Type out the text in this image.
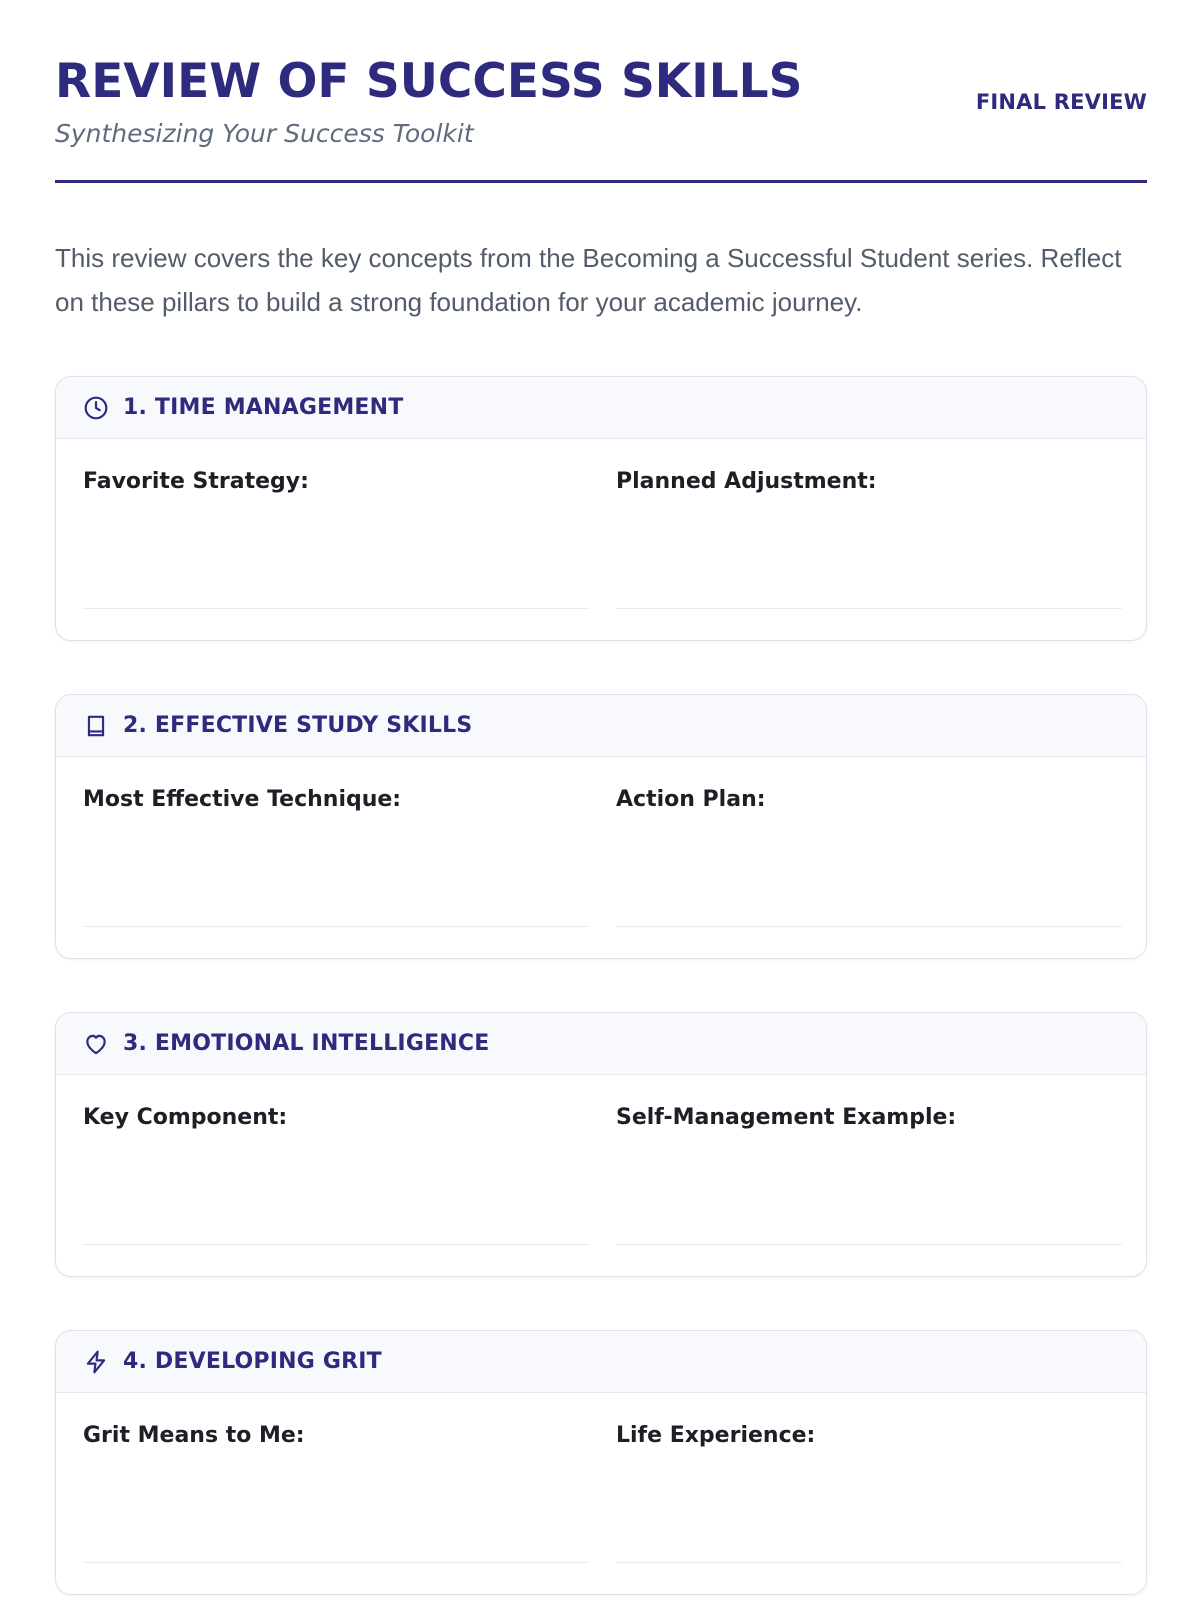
REVIEW OF SUCCESS SKILLS
Synthesizing Your Success Toolkit
FINAL REVIEW

This review covers the key concepts from the Becoming a Successful Student series. Reflect on these pillars to build a strong foundation for your academic journey.

1. TIME MANAGEMENT
Favorite Strategy:	Planned Adjustment:
2. EFFECTIVE STUDY SKILLS
Most Effective Technique:	Action Plan:
3. EMOTIONAL INTELLIGENCE
Key Component:	Self-Management Example:
4. DEVELOPING GRIT
Grit Means to Me:	Life Experience:
